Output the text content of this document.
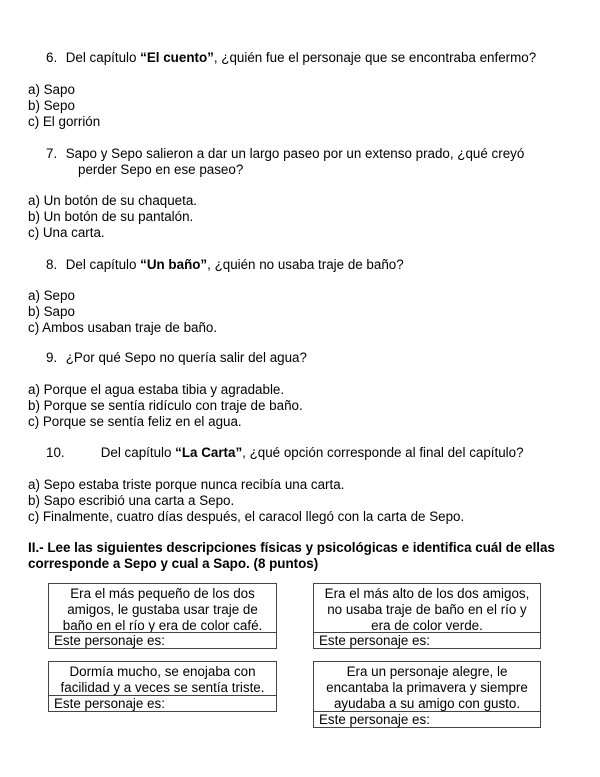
6. Del capítulo “El cuento”, ¿quién fue el personaje que se encontraba enfermo?
a) Sapo
b) Sepo
c) El gorrión
7. Sapo y Sepo salieron a dar un largo paseo por un extenso prado, ¿qué creyó
perder Sepo en ese paseo?
a) Un botón de su chaqueta.
b) Un botón de su pantalón.
c) Una carta.
8. Del capítulo “Un baño”, ¿quién no usaba traje de baño?
a) Sepo
b) Sapo
c) Ambos usaban traje de baño.
9. ¿Por qué Sepo no quería salir del agua?
a) Porque el agua estaba tibia y agradable.
b) Porque se sentía ridículo con traje de baño.
c) Porque se sentía feliz en el agua.
10.	Del capítulo “La Carta”, ¿qué opción corresponde al final del capítulo?
a) Sepo estaba triste porque nunca recibía una carta.
b) Sapo escribió una carta a Sepo.
c) Finalmente, cuatro días después, el caracol llegó con la carta de Sepo.
II.- Lee las siguientes descripciones físicas y psicológicas e identifica cuál de ellas
corresponde a Sepo y cual a Sapo. (8 puntos)
Era el más pequeño de los dos
amigos, le gustaba usar traje de
baño en el río y era de color café.
Este personaje es:
Era el más alto de los dos amigos,
no usaba traje de baño en el río y
era de color verde.
Este personaje es:
Dormía mucho, se enojaba con
facilidad y a veces se sentía triste.
Este personaje es:
Era un personaje alegre, le
encantaba la primavera y siempre
ayudaba a su amigo con gusto.
Este personaje es:
